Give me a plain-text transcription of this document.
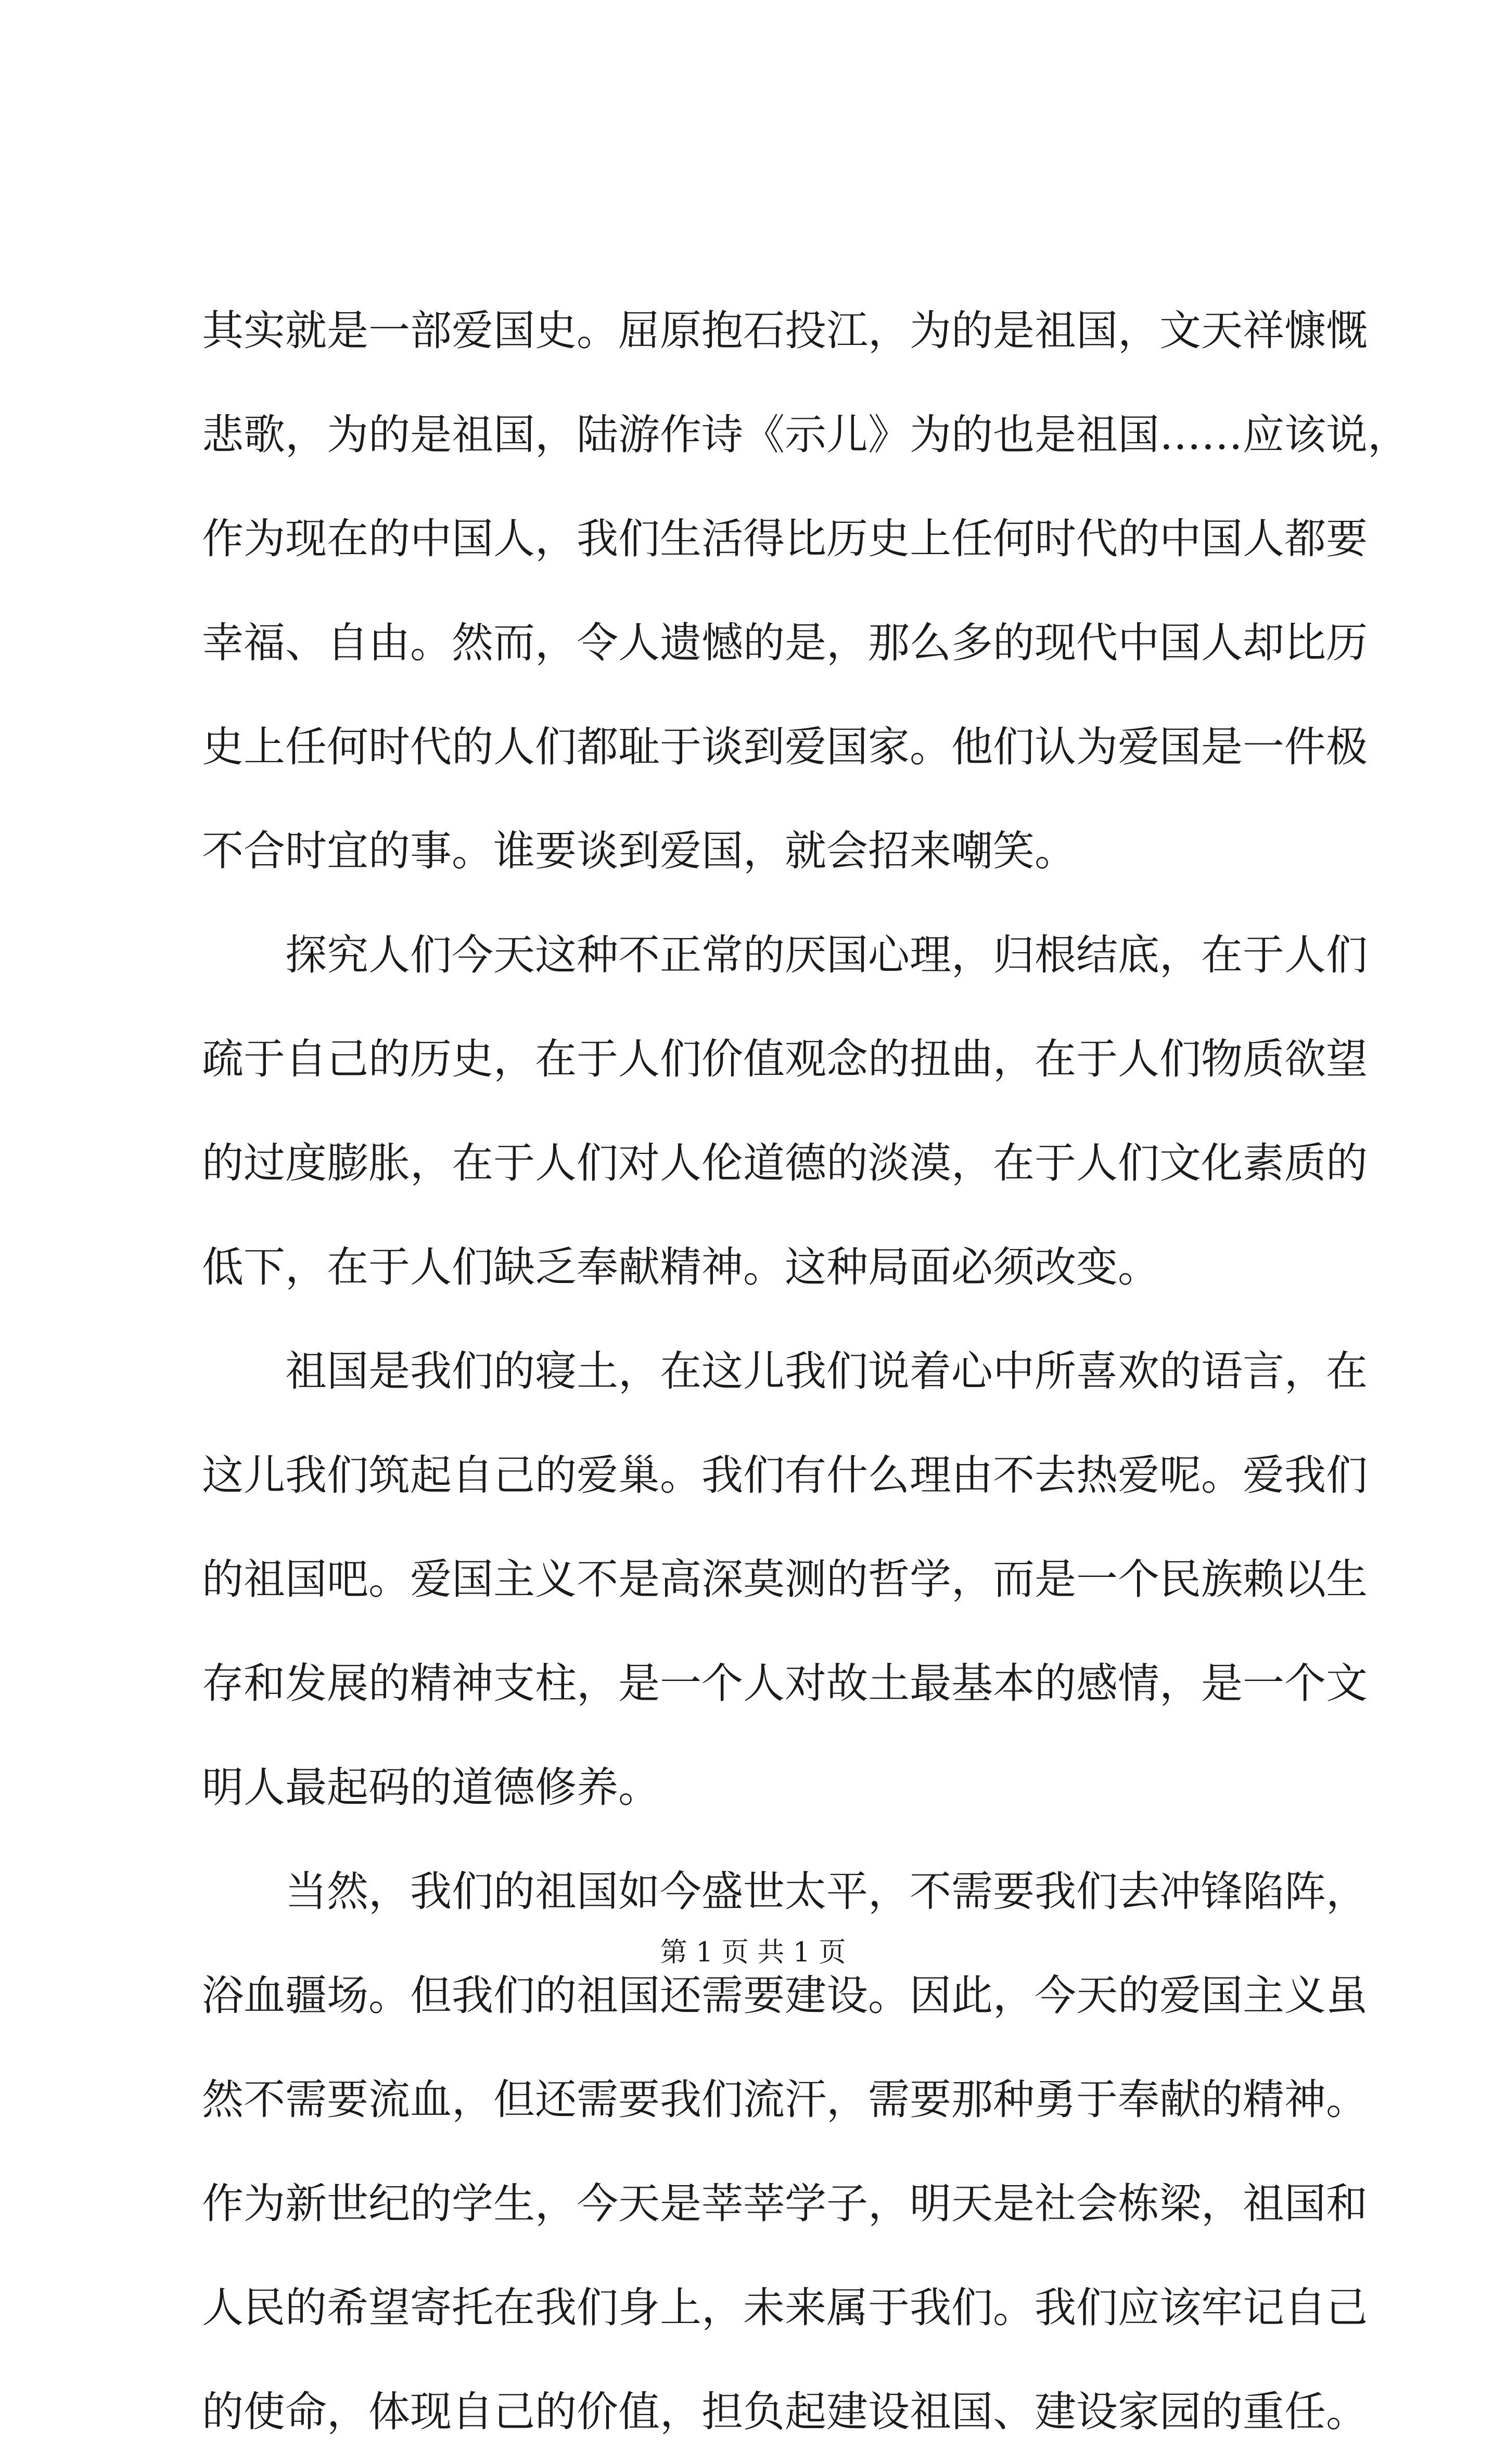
其实就是一部爱国史。屈原抱石投江，为的是祖国，文天祥慷慨
悲歌，为的是祖国，陆游作诗《示儿》为的也是祖国……应该说，
作为现在的中国人，我们生活得比历史上任何时代的中国人都要
幸福、自由。然而，令人遗憾的是，那么多的现代中国人却比历
史上任何时代的人们都耻于谈到爱国家。他们认为爱国是一件极
不合时宜的事。谁要谈到爱国，就会招来嘲笑。
　　探究人们今天这种不正常的厌国心理，归根结底，在于人们
疏于自己的历史，在于人们价值观念的扭曲，在于人们物质欲望
的过度膨胀，在于人们对人伦道德的淡漠，在于人们文化素质的
低下，在于人们缺乏奉献精神。这种局面必须改变。
　　祖国是我们的寝土，在这儿我们说着心中所喜欢的语言，在
这儿我们筑起自己的爱巢。我们有什么理由不去热爱呢。爱我们
的祖国吧。爱国主义不是高深莫测的哲学，而是一个民族赖以生
存和发展的精神支柱，是一个人对故土最基本的感情，是一个文
明人最起码的道德修养。
　　当然，我们的祖国如今盛世太平，不需要我们去冲锋陷阵，
浴血疆场。但我们的祖国还需要建设。因此，今天的爱国主义虽
然不需要流血，但还需要我们流汗，需要那种勇于奉献的精神。
作为新世纪的学生，今天是莘莘学子，明天是社会栋梁，祖国和
人民的希望寄托在我们身上，未来属于我们。我们应该牢记自己
的使命，体现自己的价值，担负起建设祖国、建设家园的重任。
第 1 页 共 1 页
